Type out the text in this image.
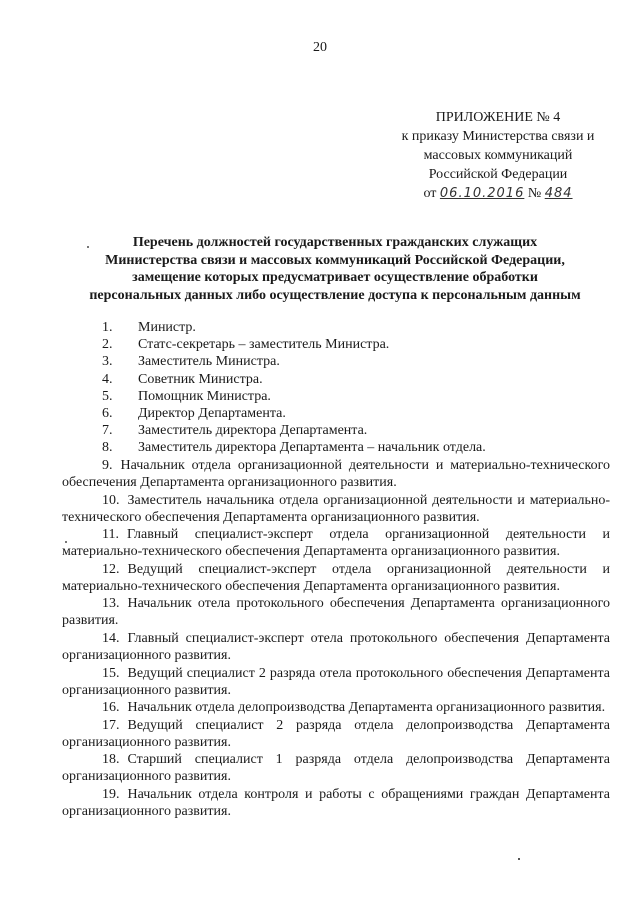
20
ПРИЛОЖЕНИЕ № 4
к приказу Министерства связи и
массовых коммуникаций
Российской Федерации
от 06.10.2016 № 484
Перечень должностей государственных гражданских служащих
Министерства связи и массовых коммуникаций Российской Федерации,
замещение которых предусматривает осуществление обработки
персональных данных либо осуществление доступа к персональным данным
1. Министр.
2. Статс-секретарь – заместитель Министра.
3. Заместитель Министра.
4. Советник Министра.
5. Помощник Министра.
6. Директор Департамента.
7. Заместитель директора Департамента.
8. Заместитель директора Департамента – начальник отдела.
9. Начальник отдела организационной деятельности и материально-технического обеспечения Департамента организационного развития.
10. Заместитель начальника отдела организационной деятельности и материально-технического обеспечения Департамента организационного развития.
11. Главный специалист-эксперт отдела организационной деятельности и материально-технического обеспечения Департамента организационного развития.
12. Ведущий специалист-эксперт отдела организационной деятельности и материально-технического обеспечения Департамента организационного развития.
13. Начальник отела протокольного обеспечения Департамента организационного развития.
14. Главный специалист-эксперт отела протокольного обеспечения Департамента организационного развития.
15. Ведущий специалист 2 разряда отела протокольного обеспечения Департамента организационного развития.
16. Начальник отдела делопроизводства Департамента организационного развития.
17. Ведущий специалист 2 разряда отдела делопроизводства Департамента организационного развития.
18. Старший специалист 1 разряда отдела делопроизводства Департамента организационного развития.
19. Начальник отдела контроля и работы с обращениями граждан Департамента организационного развития.
